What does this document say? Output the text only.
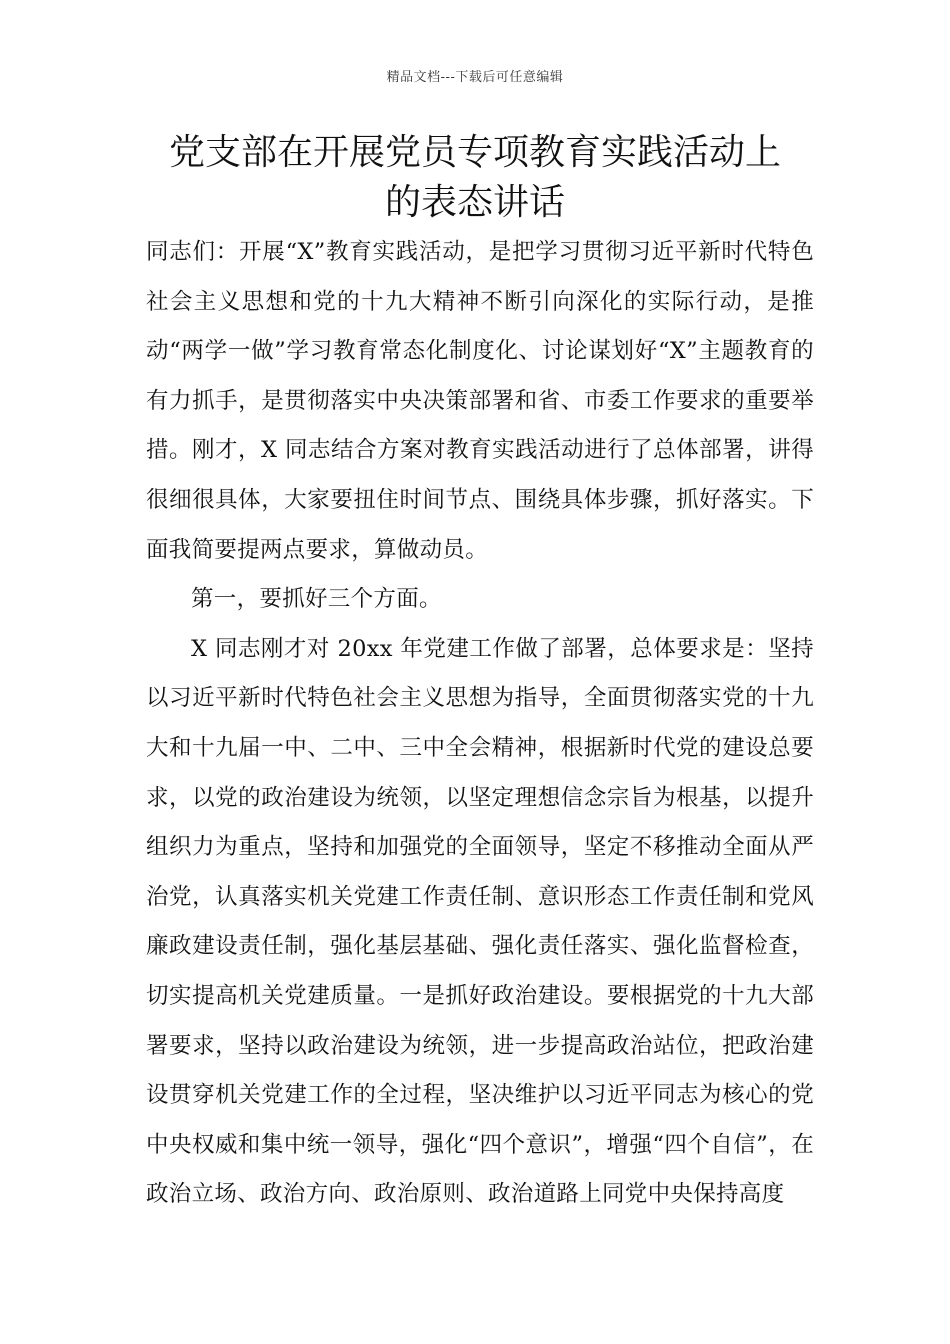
精品文档---下载后可任意编辑
党支部在开展党员专项教育实践活动上
的表态讲话

同志们：开展“X”教育实践活动，是把学习贯彻习近平新时代特色社会主义思想和党的十九大精神不断引向深化的实际行动，是推动“两学一做”学习教育常态化制度化、讨论谋划好“X”主题教育的有力抓手，是贯彻落实中央决策部署和省、市委工作要求的重要举措。刚才，X 同志结合方案对教育实践活动进行了总体部署，讲得很细很具体，大家要扭住时间节点、围绕具体步骤，抓好落实。下面我简要提两点要求，算做动员。

第一，要抓好三个方面。

X 同志刚才对 20xx 年党建工作做了部署，总体要求是：坚持以习近平新时代特色社会主义思想为指导，全面贯彻落实党的十九大和十九届一中、二中、三中全会精神，根据新时代党的建设总要求，以党的政治建设为统领，以坚定理想信念宗旨为根基，以提升组织力为重点，坚持和加强党的全面领导，坚定不移推动全面从严治党，认真落实机关党建工作责任制、意识形态工作责任制和党风廉政建设责任制，强化基层基础、强化责任落实、强化监督检查，切实提高机关党建质量。一是抓好政治建设。要根据党的十九大部署要求，坚持以政治建设为统领，进一步提高政治站位，把政治建设贯穿机关党建工作的全过程，坚决维护以习近平同志为核心的党中央权威和集中统一领导，强化“四个意识”，增强“四个自信”，在政治立场、政治方向、政治原则、政治道路上同党中央保持高度
